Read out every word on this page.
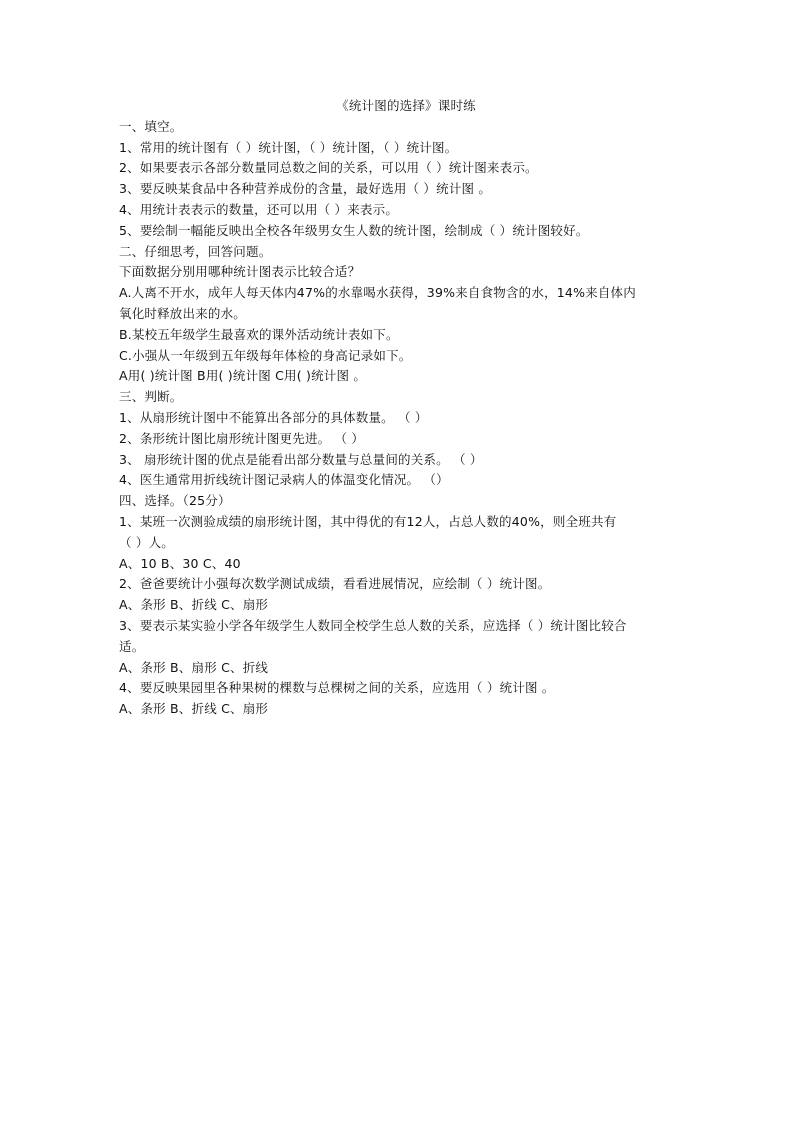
《统计图的选择》课时练

一、填空。

1、常用的统计图有（ ）统计图，（ ）统计图，（ ）统计图。

2、如果要表示各部分数量同总数之间的关系，可以用（ ）统计图来表示。

3、要反映某食品中各种营养成份的含量，最好选用（ ）统计图 。

4、用统计表表示的数量，还可以用（ ）来表示。

5、要绘制一幅能反映出全校各年级男女生人数的统计图，绘制成（ ）统计图较好。

二、仔细思考，回答问题。

下面数据分别用哪种统计图表示比较合适？

A.人离不开水，成年人每天体内47%的水靠喝水获得，39%来自食物含的水，14%来自体内

氧化时释放出来的水。

B.某校五年级学生最喜欢的课外活动统计表如下。

C.小强从一年级到五年级每年体检的身高记录如下。

A用( )统计图 B用( )统计图 C用( )统计图 。

三、判断。

1、从扇形统计图中不能算出各部分的具体数量。 （ ）

2、条形统计图比扇形统计图更先进。 （ ）

3、 扇形统计图的优点是能看出部分数量与总量间的关系。 （ ）

4、医生通常用折线统计图记录病人的体温变化情况。 （）

四、选择。（25分）

1、某班一次测验成绩的扇形统计图，其中得优的有12人，占总人数的40%，则全班共有

（ ）人。

A、10 B、30 C、40

2、爸爸要统计小强每次数学测试成绩，看看进展情况，应绘制（ ）统计图。

A、条形 B、折线 C、扇形

3、要表示某实验小学各年级学生人数同全校学生总人数的关系，应选择（ ）统计图比较合

适。

A、条形 B、扇形 C、折线

4、要反映果园里各种果树的棵数与总棵树之间的关系，应选用（ ）统计图 。

A、条形 B、折线 C、扇形
